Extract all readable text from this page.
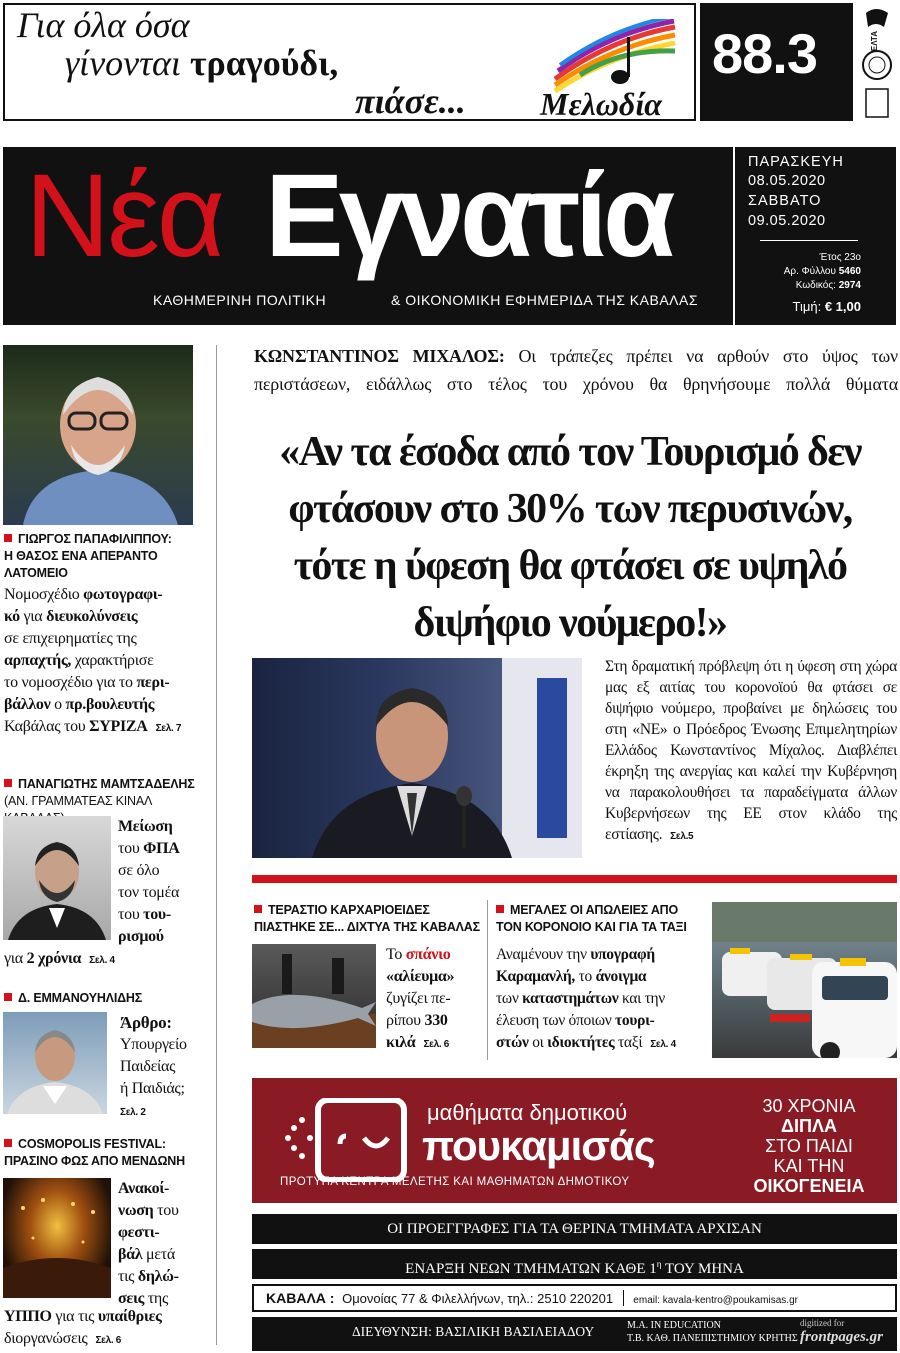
Για όλα όσα
γίνονται τραγούδι,
πιάσε... Μελωδία
88.3	ΕΛΤΑ
Νέα Εγνατία
ΚΑΘΗΜΕΡΙΝΗ ΠΟΛΙΤΙΚΗ	& ΟΙΚΟΝΟΜΙΚΗ ΕΦΗΜΕΡΙΔΑ ΤΗΣ ΚΑΒΑΛΑΣ
ΠΑΡΑΣΚΕΥΗ
08.05.2020
ΣΑΒΒΑΤΟ
09.05.2020
Έτος 23ο
Αρ. Φύλλου 5460
Κωδικός: 2974
Τιμή: € 1,00
ΓΙΩΡΓΟΣ ΠΑΠΑΦΙΛΙΠΠΟΥ:
Η ΘΑΣΟΣ ΕΝΑ ΑΠΕΡΑΝΤΟ
ΛΑΤΟΜΕΙΟ
Νομοσχέδιο φωτογραφι-
κό για διευκολύνσεις
σε επιχειρηματίες της
αρπαχτής, χαρακτήρισε
το νομοσχέδιο για το περι-
βάλλον ο πρ.βουλευτής
Καβάλας του ΣΥΡΙΖΑ Σελ. 7
ΠΑΝΑΓΙΩΤΗΣ ΜΑΜΤΣΑΔΕΛΗΣ
(ΑΝ. ΓΡΑΜΜΑΤΕΑΣ ΚΙΝΑΛ
Μείωση
του ΦΠΑ
σε όλο
τον τομέα
του του-
ρισμού
για 2 χρόνια Σελ. 4
Δ. ΕΜΜΑΝΟΥΗΛΙΔΗΣ
Άρθρο:
Υπουργείο
Παιδείας
ή Παιδιάς;
Σελ. 2
COSMOPOLIS FESTIVAL:
ΠΡΑΣΙΝΟ ΦΩΣ ΑΠΟ ΜΕΝΔΩΝΗ
Ανακοί-
νωση του
φεστι-
βάλ μετά
τις δηλώ-
σεις της
ΥΠΠΟ για τις υπαίθριες
διοργανώσεις Σελ. 6
ΚΩΝΣΤΑΝΤΙΝΟΣ ΜΙΧΑΛΟΣ: Οι τράπεζες πρέπει να αρθούν στο ύψος των περιστάσεων, ειδάλλως στο τέλος του χρόνου θα θρηνήσουμε πολλά θύματα
«Αν τα έσοδα από τον Τουρισμό δεν
φτάσουν στο 30% των περυσινών,
τότε η ύφεση θα φτάσει σε υψηλό
διψήφιο νούμερο!»
Στη δραματική πρόβλεψη ότι η ύφεση στη χώρα μας εξ αιτίας του κορονοϊού θα φτάσει σε διψήφιο νούμερο, προβαίνει με δηλώσεις του στη «ΝΕ» ο Πρόεδρος Ένωσης Επιμελητηρίων Ελλάδος Κωνσταντίνος Μίχαλος. Διαβλέπει έκρηξη της ανεργίας και καλεί την Κυβέρνηση να παρακολουθήσει τα παραδείγματα άλλων Κυβερνήσεων της ΕΕ στον κλάδο της εστίασης. Σελ.5
ΤΕΡΑΣΤΙΟ ΚΑΡΧΑΡΙΟΕΙΔΕΣ
ΠΙΑΣΤΗΚΕ ΣΕ... ΔΙΧΤΥΑ ΤΗΣ ΚΑΒΑΛΑΣ
Το σπάνιο
«αλίευμα»
ζυγίζει πε-
ρίπου 330
κιλά Σελ. 6
ΜΕΓΑΛΕΣ ΟΙ ΑΠΩΛΕΙΕΣ ΑΠΟ
ΤΟΝ ΚΟΡΟΝΟΙΟ ΚΑΙ ΓΙΑ ΤΑ ΤΑΞΙ
Αναμένουν την υπογραφή
Καραμανλή, το άνοιγμα
των καταστημάτων και την
έλευση των όποιων τουρι-
στών οι ιδιοκτήτες ταξί Σελ. 4
μαθήματα δημοτικού
πουκαμισάς
ΠΡΟΤΥΠΑ ΚΕΝΤΡΑ ΜΕΛΕΤΗΣ ΚΑΙ ΜΑΘΗΜΑΤΩΝ ΔΗΜΟΤΙΚΟΥ
30 ΧΡΟΝΙΑ
ΔΙΠΛΑ
ΣΤΟ ΠΑΙΔΙ
ΚΑΙ ΤΗΝ
ΟΙΚΟΓΕΝΕΙΑ
ΟΙ ΠΡΟΕΓΓΡΑΦΕΣ ΓΙΑ ΤΑ ΘΕΡΙΝΑ ΤΜΗΜΑΤΑ ΑΡΧΙΣΑΝ
ΕΝΑΡΞΗ ΝΕΩΝ ΤΜΗΜΑΤΩΝ ΚΑΘΕ $1^\eta$ ΤΟΥ ΜΗΝΑ
ΚΑΒΑΛΑ : Ομονοίας 77 & Φιλελλήνων, τηλ.: 2510 220201 email: kavala-kentro@poukamisas.gr
ΔΙΕΥΘΥΝΣΗ: ΒΑΣΙΛΙΚΗ ΒΑΣΙΛΕΙΑΔΟΥ	M.A. IN EDUCATION
Τ.Β. ΚΑΘ. ΠΑΝΕΠΙΣΤΗΜΙΟΥ ΚΡΗΤΗΣ
digitized for
frontpages.gr
